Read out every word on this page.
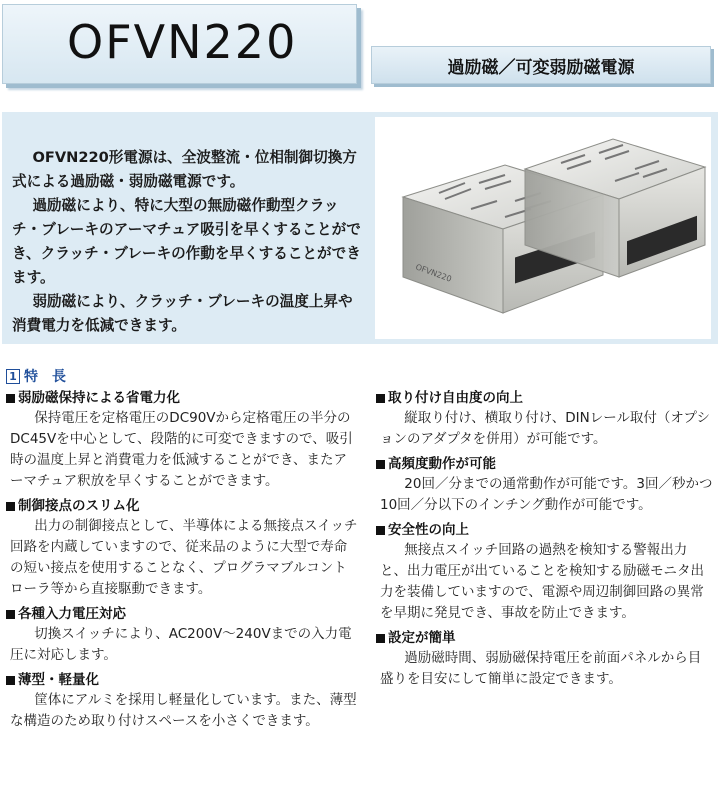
OFVN220	過励磁／可変弱励磁電源

OFVN220形電源は、全波整流・位相制御切換方式による過励磁・弱励磁電源です。

過励磁により、特に大型の無励磁作動型クラッチ・ブレーキのアーマチュア吸引を早くすることができ、クラッチ・ブレーキの作動を早くすることができます。

弱励磁により、クラッチ・ブレーキの温度上昇や消費電力を低減できます。

OFVN220
1 特　長
弱励磁保持による省電力化

保持電圧を定格電圧のDC90Vから定格電圧の半分のDC45Vを中心として、段階的に可変できますので、吸引時の温度上昇と消費電力を低減することができ、またアーマチュア釈放を早くすることができます。

制御接点のスリム化

出力の制御接点として、半導体による無接点スイッチ回路を内蔵していますので、従来品のように大型で寿命の短い接点を使用することなく、プログラマブルコントローラ等から直接駆動できます。

各種入力電圧対応

切換スイッチにより、AC200V～240Vまでの入力電圧に対応します。

薄型・軽量化

筐体にアルミを採用し軽量化しています。また、薄型な構造のため取り付けスペースを小さくできます。

取り付け自由度の向上

縦取り付け、横取り付け、DINレール取付（オプションのアダプタを併用）が可能です。

高頻度動作が可能

20回／分までの通常動作が可能です。3回／秒かつ10回／分以下のインチング動作が可能です。

安全性の向上

無接点スイッチ回路の過熱を検知する警報出力と、出力電圧が出ていることを検知する励磁モニタ出力を装備していますので、電源や周辺制御回路の異常を早期に発見でき、事故を防止できます。

設定が簡単

過励磁時間、弱励磁保持電圧を前面パネルから目盛りを目安にして簡単に設定できます。
